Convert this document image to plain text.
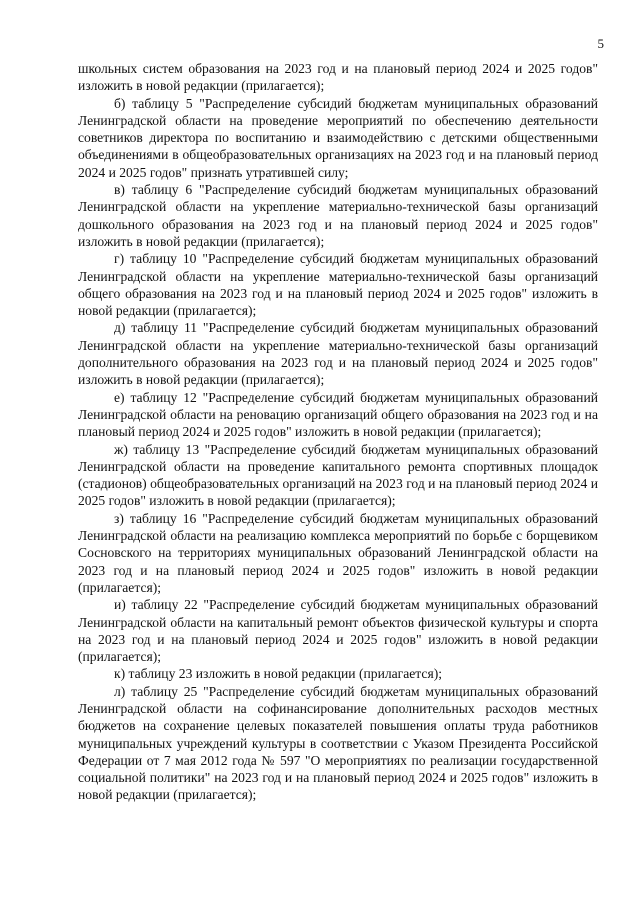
5

школьных систем образования на 2023 год и на плановый период 2024 и 2025 годов" изложить в новой редакции (прилагается);

б) таблицу 5 "Распределение субсидий бюджетам муниципальных образований Ленинградской области на проведение мероприятий по обеспечению деятельности советников директора по воспитанию и взаимодействию с детскими общественными объединениями в общеобразовательных организациях на 2023 год и на плановый период 2024 и 2025 годов" признать утратившей силу;

в) таблицу 6 "Распределение субсидий бюджетам муниципальных образований Ленинградской области на укрепление материально-технической базы организаций дошкольного образования на 2023 год и на плановый период 2024 и 2025 годов" изложить в новой редакции (прилагается);

г) таблицу 10 "Распределение субсидий бюджетам муниципальных образований Ленинградской области на укрепление материально-технической базы организаций общего образования на 2023 год и на плановый период 2024 и 2025 годов" изложить в новой редакции (прилагается);

д) таблицу 11 "Распределение субсидий бюджетам муниципальных образований Ленинградской области на укрепление материально-технической базы организаций дополнительного образования на 2023 год и на плановый период 2024 и 2025 годов" изложить в новой редакции (прилагается);

е) таблицу 12 "Распределение субсидий бюджетам муниципальных образований Ленинградской области на реновацию организаций общего образования на 2023 год и на плановый период 2024 и 2025 годов" изложить в новой редакции (прилагается);

ж) таблицу 13 "Распределение субсидий бюджетам муниципальных образований Ленинградской области на проведение капитального ремонта спортивных площадок (стадионов) общеобразовательных организаций на 2023 год и на плановый период 2024 и 2025 годов" изложить в новой редакции (прилагается);

з) таблицу 16 "Распределение субсидий бюджетам муниципальных образований Ленинградской области на реализацию комплекса мероприятий по борьбе с борщевиком Сосновского на территориях муниципальных образований Ленинградской области на 2023 год и на плановый период 2024 и 2025 годов" изложить в новой редакции (прилагается);

и) таблицу 22 "Распределение субсидий бюджетам муниципальных образований Ленинградской области на капитальный ремонт объектов физической культуры и спорта на 2023 год и на плановый период 2024 и 2025 годов" изложить в новой редакции (прилагается);

к) таблицу 23 изложить в новой редакции (прилагается);

л) таблицу 25 "Распределение субсидий бюджетам муниципальных образований Ленинградской области на софинансирование дополнительных расходов местных бюджетов на сохранение целевых показателей повышения оплаты труда работников муниципальных учреждений культуры в соответствии с Указом Президента Российской Федерации от 7 мая 2012 года № 597 "О мероприятиях по реализации государственной социальной политики" на 2023 год и на плановый период 2024 и 2025 годов" изложить в новой редакции (прилагается);
